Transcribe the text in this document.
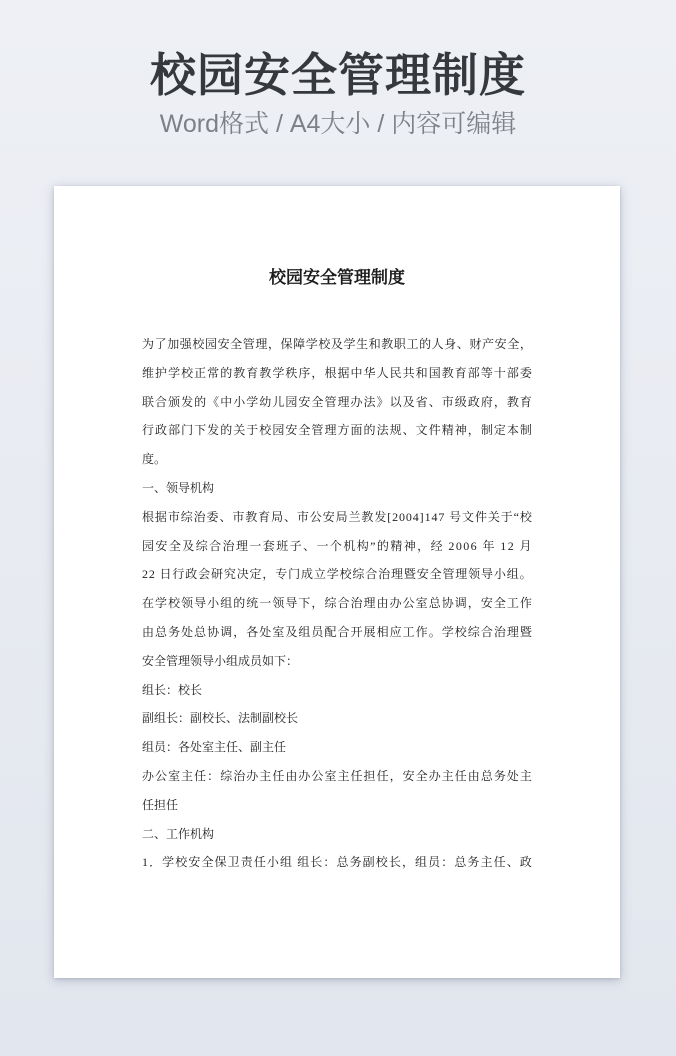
校园安全管理制度

Word格式 / A4大小 / 内容可编辑

校园安全管理制度
为 了 加 强 校 园 安 全 管 理 ， 保 障 学 校 及 学 生 和 教 职 工 的 人 身 、 财 产 安 全 ，
维 护 学 校 正 常 的 教 育 教 学 秩 序 ， 根 据 中 华 人 民 共 和 国 教 育 部 等 十 部 委
联 合 颁 发 的 《 中 小 学 幼 儿 园 安 全 管 理 办 法 》 以 及 省 、 市 级 政 府 ， 教 育
行 政 部 门 下 发 的 关 于 校 园 安 全 管 理 方 面 的 法 规 、 文 件 精 神 ， 制 定 本 制
度。
一、领导机构
根 据 市 综 治 委 、 市 教 育 局 、 市 公 安 局 兰 教 发 [ 2 0 0 4 ] 1 4 7
号 文 件 关 于 “ 校
园 安 全 及 综 合 治 理 一 套 班 子 、 一 个 机 构 ” 的 精 神 ， 经
2 0 0 6
年
1 2
月
2 2
日 行 政 会 研 究 决 定 ， 专 门 成 立 学 校 综 合 治 理 暨 安 全 管 理 领 导 小 组 。
在 学 校 领 导 小 组 的 统 一 领 导 下 ， 综 合 治 理 由 办 公 室 总 协 调 ， 安 全 工 作
由 总 务 处 总 协 调 ， 各 处 室 及 组 员 配 合 开 展 相 应 工 作 。 学 校 综 合 治 理 暨
安全管理领导小组成员如下：
组长：校长
副组长：副校长、法制副校长
组员：各处室主任、副主任
办 公 室 主 任 ： 综 治 办 主 任 由 办 公 室 主 任 担 任 ， 安 全 办 主 任 由 总 务 处 主
任担任
二、工作机构
1 ． 学 校 安 全 保 卫 责 任 小 组
组 长 ： 总 务 副 校 长 ， 组 员 ： 总 务 主 任 、 政
